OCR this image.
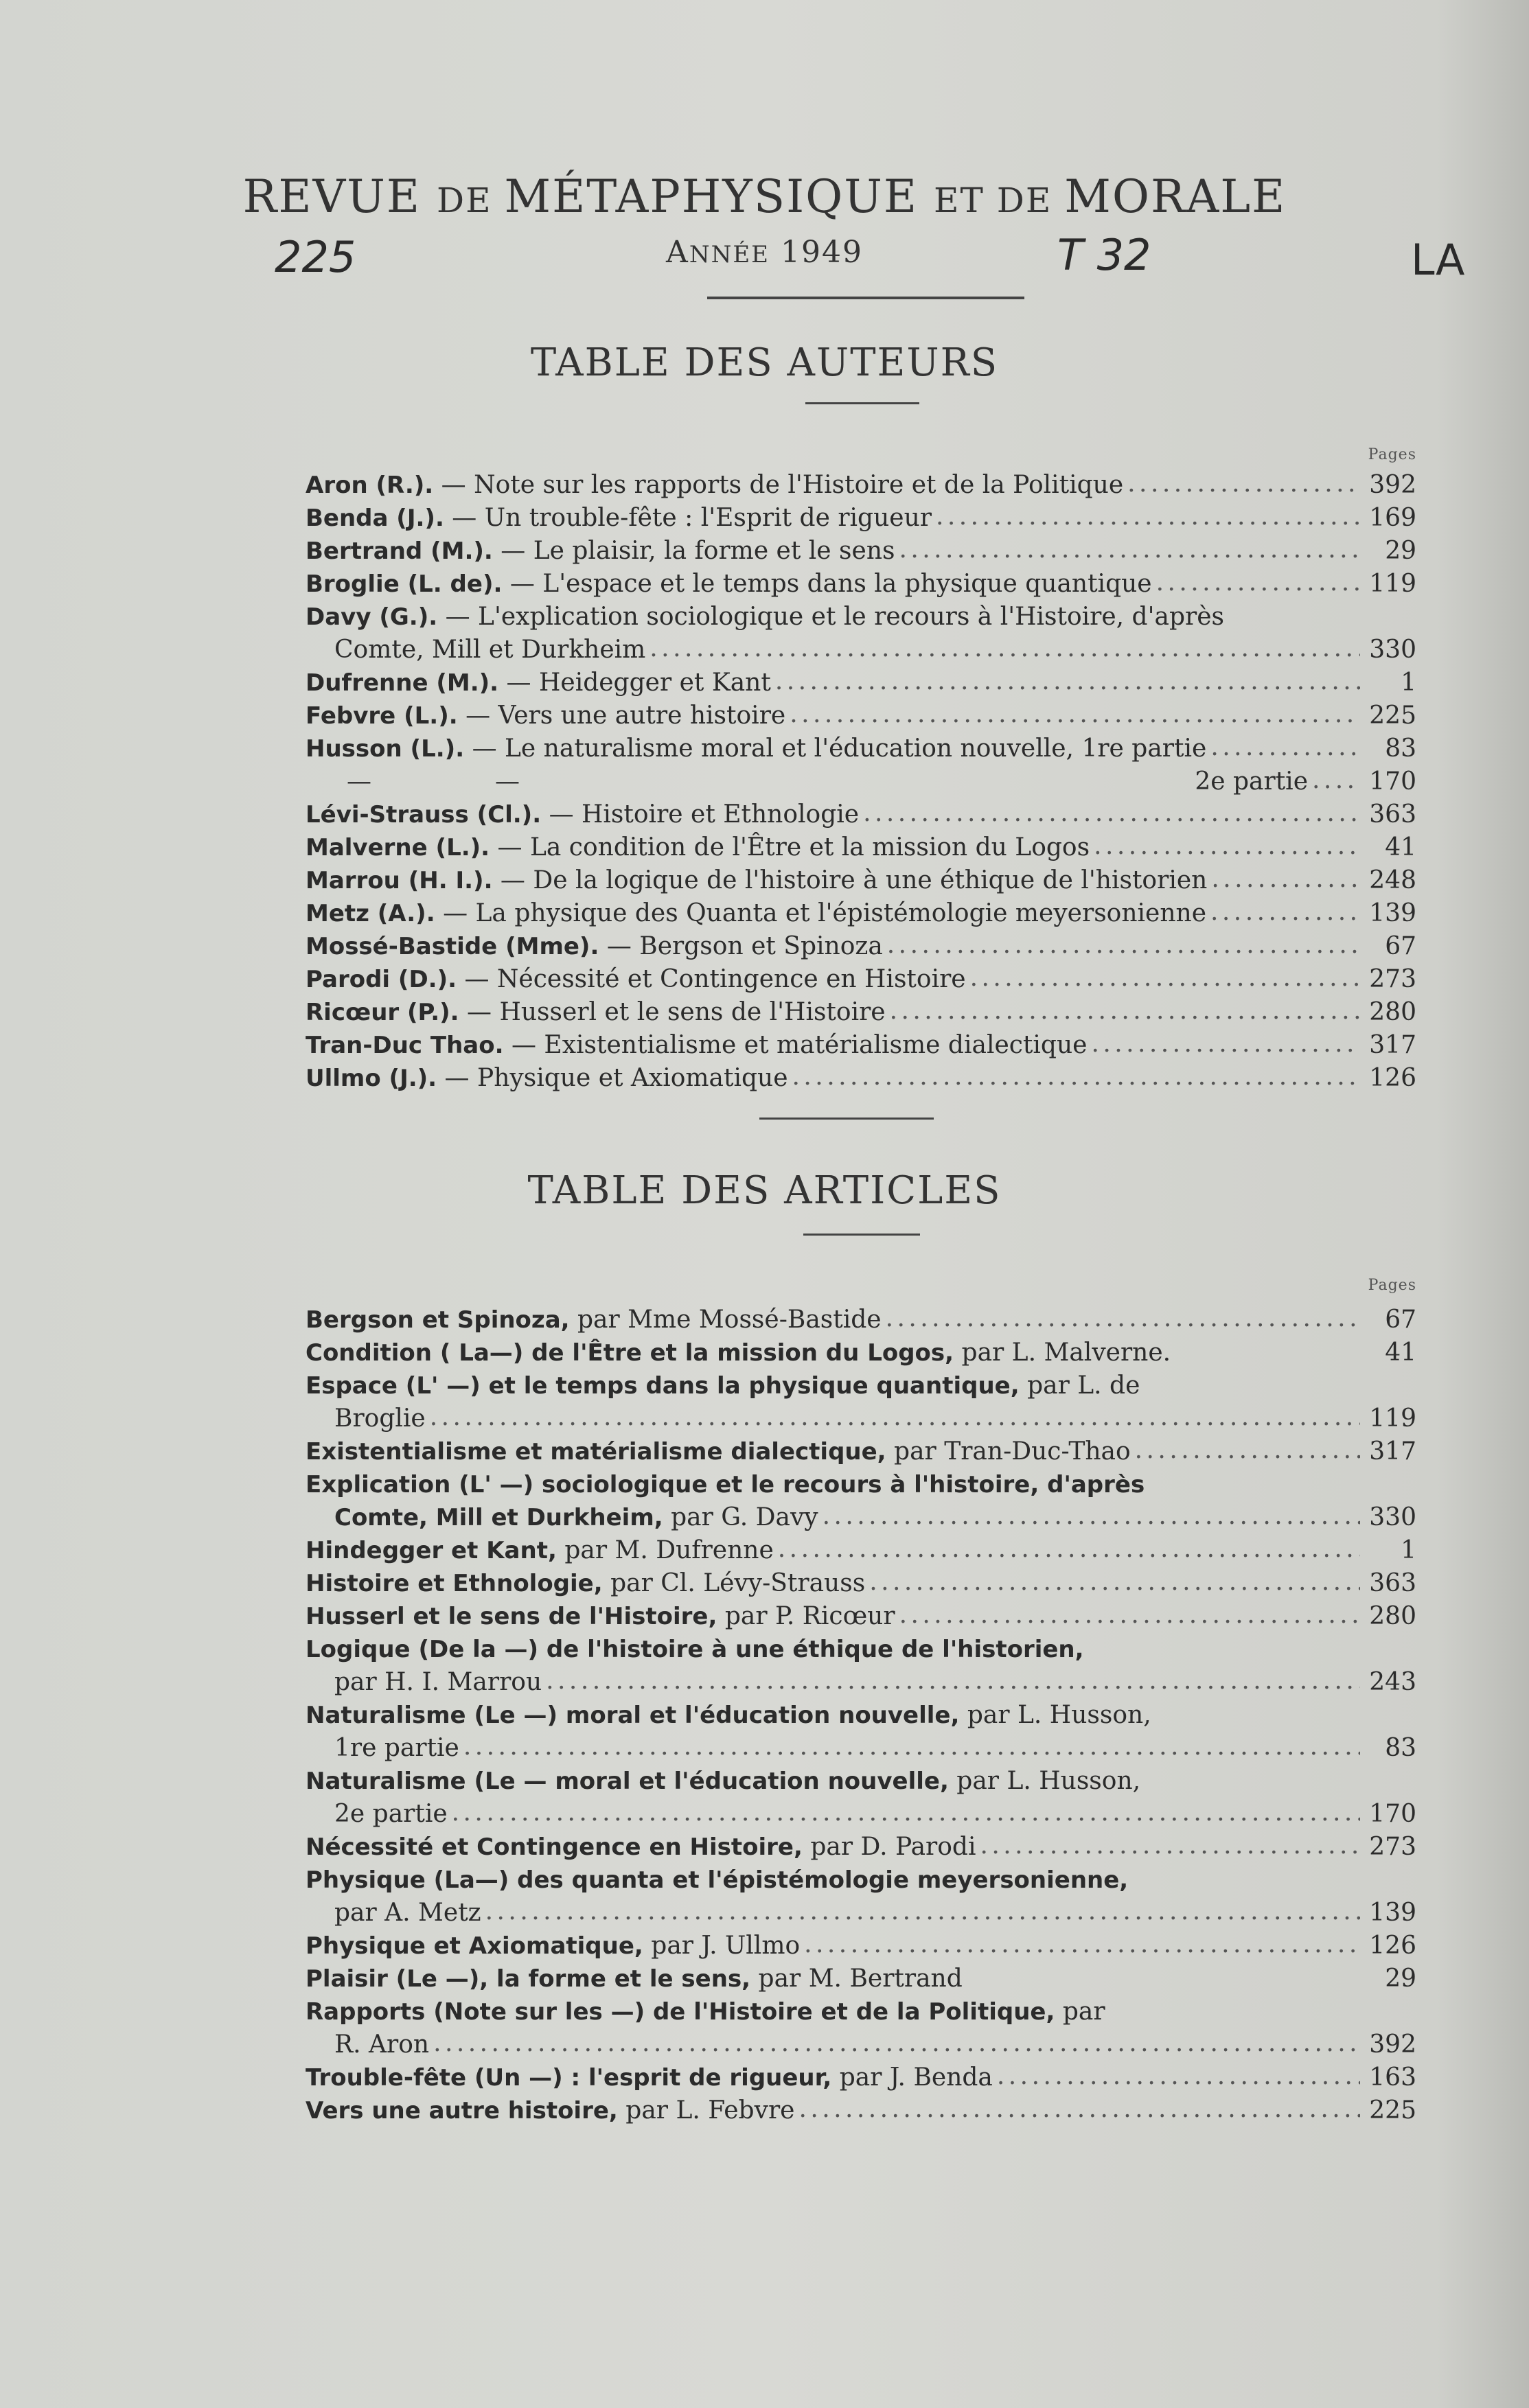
225	T 32	LA
REVUE DE MÉTAPHYSIQUE ET DE MORALE
ANNÉE 1949
TABLE DES AUTEURS
Pages
Aron (R.). — Note sur les rapports de l'Histoire et de la Politique . . .	392
Benda (J.). — Un trouble-fête : l'Esprit de rigueur . . .	169
Bertrand (M.). — Le plaisir, la forme et le sens . . .	29
Broglie (L. de). — L'espace et le temps dans la physique quantique . . .	119
Davy (G.). — L'explication sociologique et le recours à l'Histoire, d'après
Comte, Mill et Durkheim . . .	330
Dufrenne (M.). — Heidegger et Kant . . .	1
Febvre (L.). — Vers une autre histoire . . .	225
Husson (L.). — Le naturalisme moral et l'éducation nouvelle, 1re partie . . .	83
—	—	2e partie . . . 170
Lévi-Strauss (Cl.). — Histoire et Ethnologie . . .	363
Malverne (L.). — La condition de l'Être et la mission du Logos . . .	41
Marrou (H. I.). — De la logique de l'histoire à une éthique de l'historien . . .	248
Metz (A.). — La physique des Quanta et l'épistémologie meyersonienne . . .	139
Mossé-Bastide (Mme). — Bergson et Spinoza . . .	67
Parodi (D.). — Nécessité et Contingence en Histoire . . .	273
Ricœur (P.). — Husserl et le sens de l'Histoire . . .	280
Tran-Duc Thao. — Existentialisme et matérialisme dialectique . . .	317
Ullmo (J.). — Physique et Axiomatique . . .	126
TABLE DES ARTICLES
Pages
Bergson et Spinoza, par Mme Mossé-Bastide . . .	67
Condition ( La—) de l'Être et la mission du Logos, par L. Malverne.	41
Espace (L' —) et le temps dans la physique quantique, par L. de
Broglie . . .	119
Existentialisme et matérialisme dialectique, par Tran-Duc-Thao . . .	317
Explication (L' —) sociologique et le recours à l'histoire, d'après
Comte, Mill et Durkheim, par G. Davy . . .	330
Hindegger et Kant, par M. Dufrenne . . .	1
Histoire et Ethnologie, par Cl. Lévy-Strauss . . .	363
Husserl et le sens de l'Histoire, par P. Ricœur . . .	280
Logique (De la —) de l'histoire à une éthique de l'historien,
par H. I. Marrou . . .	243
Naturalisme (Le —) moral et l'éducation nouvelle, par L. Husson,
1re partie . . .	83
Naturalisme (Le — moral et l'éducation nouvelle, par L. Husson,
2e partie . . .	170
Nécessité et Contingence en Histoire, par D. Parodi . . .	273
Physique (La—) des quanta et l'épistémologie meyersonienne,
par A. Metz . . .	139
Physique et Axiomatique, par J. Ullmo . . .	126
Plaisir (Le —), la forme et le sens, par M. Bertrand	29
Rapports (Note sur les —) de l'Histoire et de la Politique, par
R. Aron . . .	392
Trouble-fête (Un —) : l'esprit de rigueur, par J. Benda . . .	163
Vers une autre histoire, par L. Febvre . . .	225
